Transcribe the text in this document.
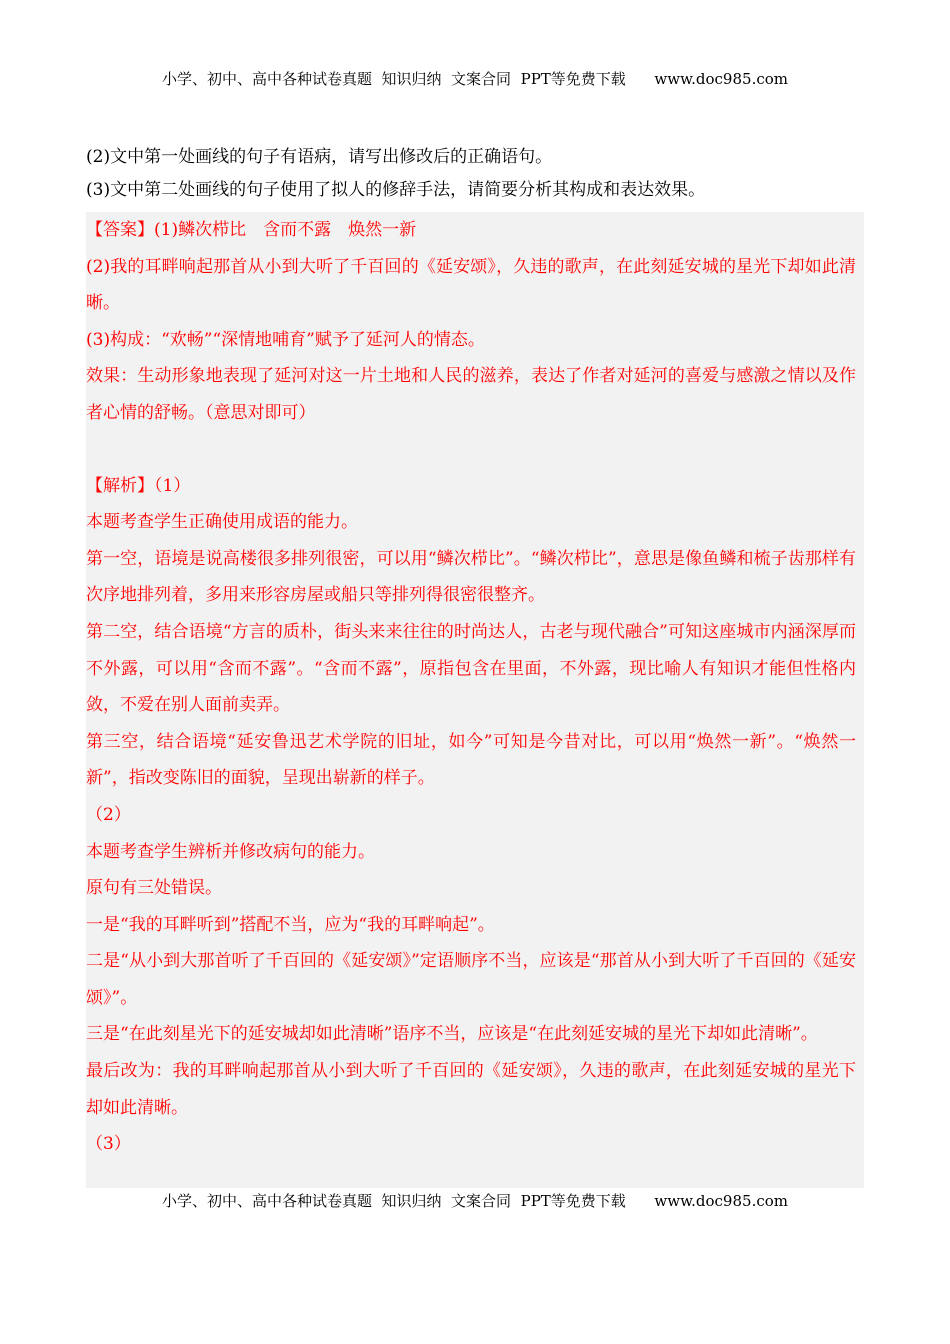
小学、初中、高中各种试卷真题  知识归纳  文案合同  PPT等免费下载      www.doc985.com
(2)文中第一处画线的句子有语病，请写出修改后的正确语句。
(3)文中第二处画线的句子使用了拟人的修辞手法，请简要分析其构成和表达效果。

【答案】(1)鳞次栉比　含而不露　焕然一新

(2)我的耳畔响起那首从小到大听了千百回的《延安颂》，久违的歌声，在此刻延安城的星光下却如此清晰。

(3)构成：“欢畅”“深情地哺育”赋予了延河人的情态。

效果：生动形象地表现了延河对这一片土地和人民的滋养，表达了作者对延河的喜爱与感激之情以及作者心情的舒畅。（意思对即可）

【解析】（1）

本题考查学生正确使用成语的能力。

第一空，语境是说高楼很多排列很密，可以用“鳞次栉比”。“鳞次栉比”，意思是像鱼鳞和梳子齿那样有次序地排列着，多用来形容房屋或船只等排列得很密很整齐。

第二空，结合语境“方言的质朴，街头来来往往的时尚达人，古老与现代融合”可知这座城市内涵深厚而不外露，可以用“含而不露”。“含而不露”，原指包含在里面，不外露，现比喻人有知识才能但性格内敛，不爱在别人面前卖弄。

第三空，结合语境“延安鲁迅艺术学院的旧址，如今”可知是今昔对比，可以用“焕然一新”。“焕然一新”，指改变陈旧的面貌，呈现出崭新的样子。

（2）

本题考查学生辨析并修改病句的能力。

原句有三处错误。

一是“我的耳畔听到”搭配不当，应为“我的耳畔响起”。

二是“从小到大那首听了千百回的《延安颂》”定语顺序不当，应该是“那首从小到大听了千百回的《延安颂》”。

三是“在此刻星光下的延安城却如此清晰”语序不当，应该是“在此刻延安城的星光下却如此清晰”。

最后改为：我的耳畔响起那首从小到大听了千百回的《延安颂》，久违的歌声，在此刻延安城的星光下却如此清晰。

（3）

小学、初中、高中各种试卷真题  知识归纳  文案合同  PPT等免费下载      www.doc985.com
